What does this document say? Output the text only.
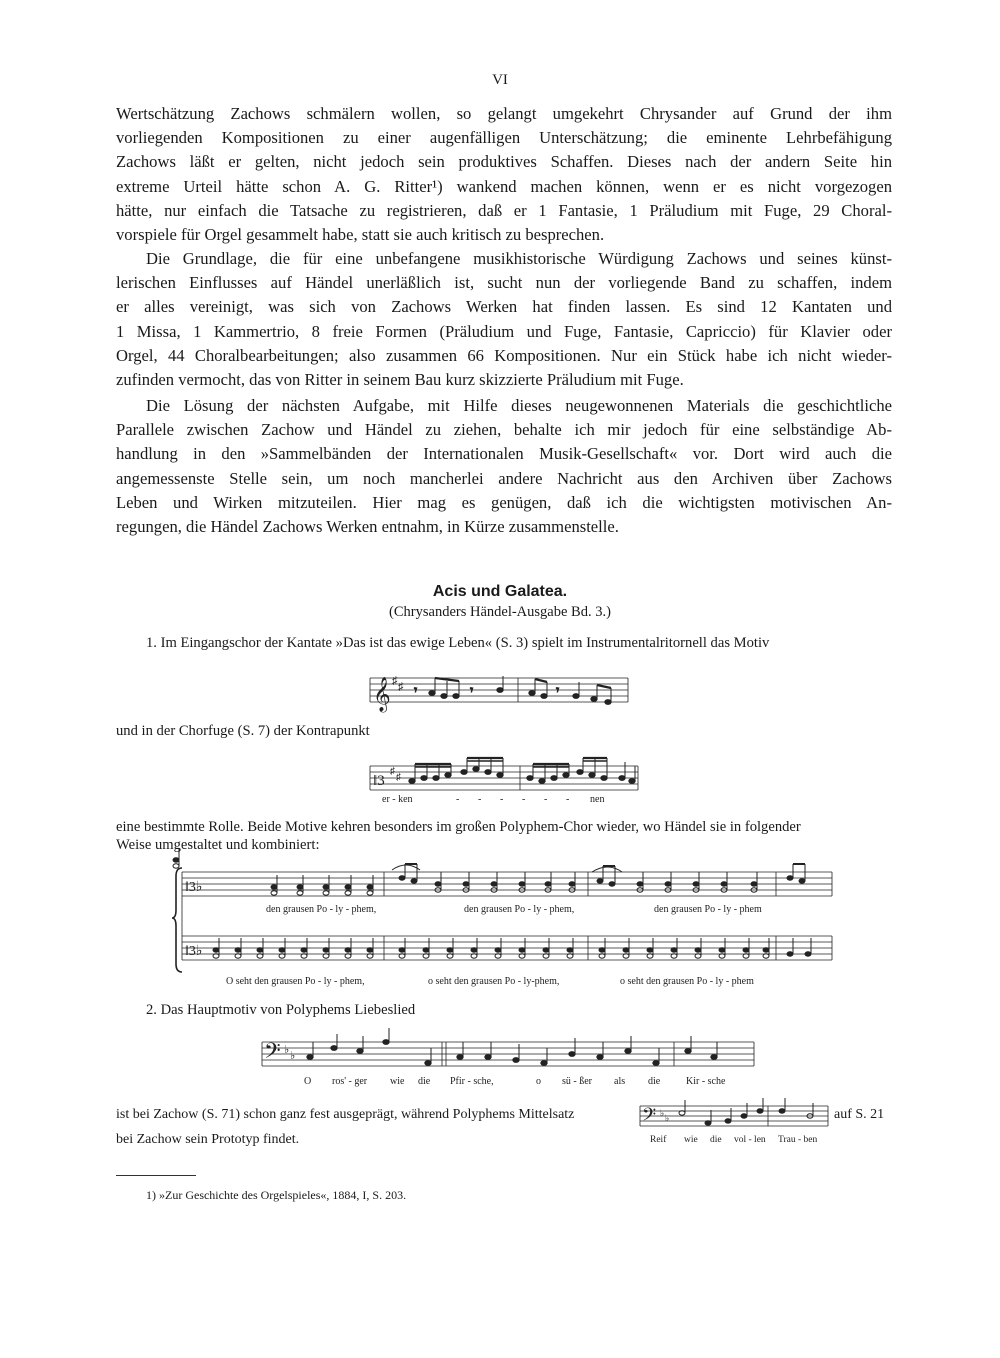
VI
Wertschätzung Zachows schmälern wollen, so gelangt umgekehrt Chrysander auf Grund der ihm
vorliegenden Kompositionen zu einer augenfälligen Unterschätzung; die eminente Lehrbefähigung
Zachows läßt er gelten, nicht jedoch sein produktives Schaffen. Dieses nach der andern Seite hin
extreme Urteil hätte schon A. G. Ritter¹) wankend machen können, wenn er es nicht vorgezogen
hätte, nur einfach die Tatsache zu registrieren, daß er 1 Fantasie, 1 Präludium mit Fuge, 29 Choral-
vorspiele für Orgel gesammelt habe, statt sie auch kritisch zu besprechen.
Die Grundlage, die für eine unbefangene musikhistorische Würdigung Zachows und seines künst-
lerischen Einflusses auf Händel unerläßlich ist, sucht nun der vorliegende Band zu schaffen, indem
er alles vereinigt, was sich von Zachows Werken hat finden lassen. Es sind 12 Kantaten und
1 Missa, 1 Kammertrio, 8 freie Formen (Präludium und Fuge, Fantasie, Capriccio) für Klavier oder
Orgel, 44 Choralbearbeitungen; also zusammen 66 Kompositionen. Nur ein Stück habe ich nicht wieder-
zufinden vermocht, das von Ritter in seinem Bau kurz skizzierte Präludium mit Fuge.
Die Lösung der nächsten Aufgabe, mit Hilfe dieses neugewonnenen Materials die geschichtliche
Parallele zwischen Zachow und Händel zu ziehen, behalte ich mir jedoch für eine selbständige Ab-
handlung in den »Sammelbänden der Internationalen Musik-Gesellschaft« vor. Dort wird auch die
angemessenste Stelle sein, um noch mancherlei andere Nachricht aus den Archiven über Zachows
Leben und Wirken mitzuteilen. Hier mag es genügen, daß ich die wichtigsten motivischen An-
regungen, die Händel Zachows Werken entnahm, in Kürze zusammenstelle.
Acis und Galatea.
(Chrysanders Händel-Ausgabe Bd. 3.)
1. Im Eingangschor der Kantate »Das ist das ewige Leben« (S. 3) spielt im Instrumentalritornell das Motiv
𝄞 ♯ ♯ 𝄾	𝄾	𝄾
und in der Chorfuge (S. 7) der Kontrapunkt
‖3
♯
♯
er - ken	- - - - - - nen
eine bestimmte Rolle. Beide Motive kehren besonders im großen Polyphem-Chor wieder, wo Händel sie in folgender
Weise umgestaltet und kombiniert:
‖3♭
‖3♭
den grausen Po - ly - phem,	den grausen Po - ly - phem,	den grausen Po - ly - phem
O seht den grausen Po - ly - phem,	o seht den grausen Po - ly-phem,	o seht den grausen Po - ly - phem
2. Das Hauptmotiv von Polyphems Liebeslied
𝄢 ♭ ♭
O ros' - ger wie die Pfir - sche,	o sü - ßer als die	Kir - sche
ist bei Zachow (S. 71) schon ganz fest ausgeprägt, während Polyphems Mittelsatz	𝄢 ♭ ♭
Reif wie die vol - len Trau - ben
auf S. 21
bei Zachow sein Prototyp findet.
1) »Zur Geschichte des Orgelspieles«, 1884, I, S. 203.
